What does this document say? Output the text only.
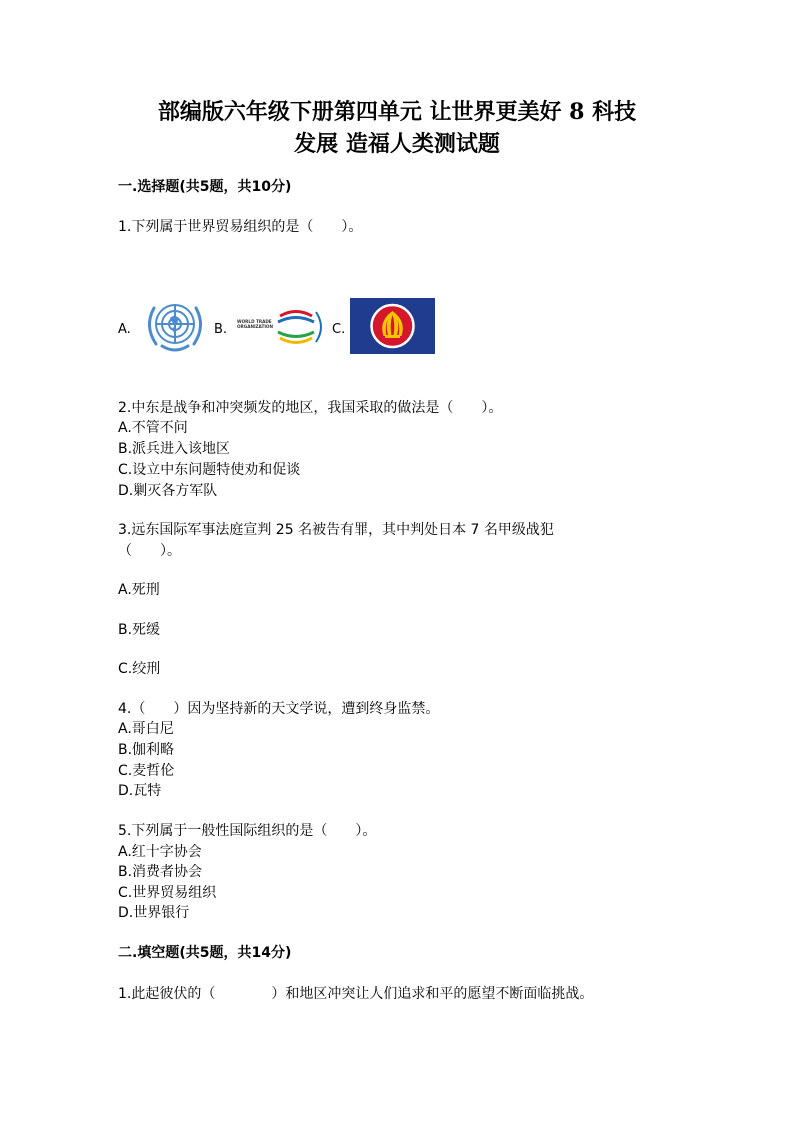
部编版六年级下册第四单元 让世界更美好 8 科技
发展 造福人类测试题
一.选择题(共5题，共10分)
1.下列属于世界贸易组织的是（　　）。
A.	B.
WORLD TRADE
ORGANIZATION	C.
2.中东是战争和冲突频发的地区，我国采取的做法是（　　）。
A.不管不问
B.派兵进入该地区
C.设立中东问题特使劝和促谈
D.剿灭各方军队
3.远东国际军事法庭宣判 25 名被告有罪，其中判处日本 7 名甲级战犯
（　　）。
A.死刑
B.死缓
C.绞刑
4.（　　）因为坚持新的天文学说，遭到终身监禁。
A.哥白尼
B.伽利略
C.麦哲伦
D.瓦特
5.下列属于一般性国际组织的是（　　）。
A.红十字协会
B.消费者协会
C.世界贸易组织
D.世界银行
二.填空题(共5题，共14分)
1.此起彼伏的（　　　　）和地区冲突让人们追求和平的愿望不断面临挑战。
